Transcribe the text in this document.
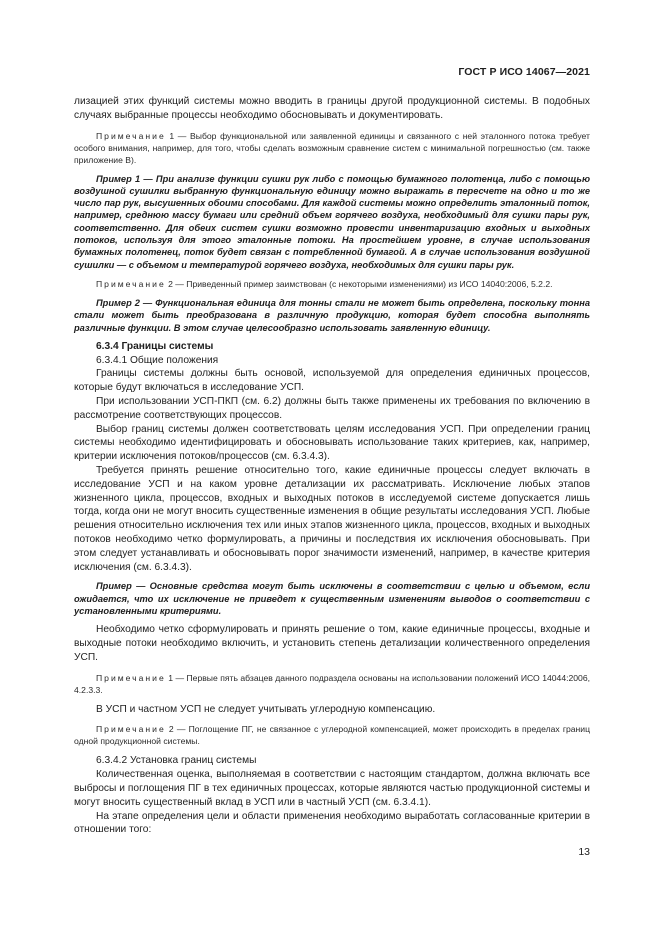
ГОСТ Р ИСО 14067—2021

лизацией этих функций системы можно вводить в границы другой продукционной системы. В подобных случаях выбранные процессы необходимо обосновывать и документировать.

Примечание 1 — Выбор функциональной или заявленной единицы и связанного с ней эталонного потока требует особого внимания, например, для того, чтобы сделать возможным сравнение систем с минимальной погрешностью (см. также приложение В).

Пример 1 — При анализе функции сушки рук либо с помощью бумажного полотенца, либо с помощью воздушной сушилки выбранную функциональную единицу можно выражать в пересчете на одно и то же число пар рук, высушенных обоими способами. Для каждой системы можно определить эталонный поток, например, среднюю массу бумаги или средний объем горячего воздуха, необходимый для сушки пары рук, соответственно. Для обеих систем сушки возможно провести инвентаризацию входных и выходных потоков, используя для этого эталонные потоки. На простейшем уровне, в случае использования бумажных полотенец, поток будет связан с потребленной бумагой. А в случае использования воздушной сушилки — с объемом и температурой горячего воздуха, необходимых для сушки пары рук.

Примечание 2 — Приведенный пример заимствован (с некоторыми изменениями) из ИСО 14040:2006, 5.2.2.

Пример 2 — Функциональная единица для тонны стали не может быть определена, поскольку тонна стали может быть преобразована в различную продукцию, которая будет способна выполнять различные функции. В этом случае целесообразно использовать заявленную единицу.

6.3.4 Границы системы

6.3.4.1 Общие положения

Границы системы должны быть основой, используемой для определения единичных процессов, которые будут включаться в исследование УСП.

При использовании УСП-ПКП (см. 6.2) должны быть также применены их требования по включению в рассмотрение соответствующих процессов.

Выбор границ системы должен соответствовать целям исследования УСП. При определении границ системы необходимо идентифицировать и обосновывать использование таких критериев, как, например, критерии исключения потоков/процессов (см. 6.3.4.3).

Требуется принять решение относительно того, какие единичные процессы следует включать в исследование УСП и на каком уровне детализации их рассматривать. Исключение любых этапов жизненного цикла, процессов, входных и выходных потоков в исследуемой системе допускается лишь тогда, когда они не могут вносить существенные изменения в общие результаты исследования УСП. Любые решения относительно исключения тех или иных этапов жизненного цикла, процессов, входных и выходных потоков необходимо четко формулировать, а причины и последствия их исключения обосновывать. При этом следует устанавливать и обосновывать порог значимости изменений, например, в качестве критерия исключения (см. 6.3.4.3).

Пример — Основные средства могут быть исключены в соответствии с целью и объемом, если ожидается, что их исключение не приведет к существенным изменениям выводов о соответствии с установленными критериями.

Необходимо четко сформулировать и принять решение о том, какие единичные процессы, входные и выходные потоки необходимо включить, и установить степень детализации количественного определения УСП.

Примечание 1 — Первые пять абзацев данного подраздела основаны на использовании положений ИСО 14044:2006, 4.2.3.3.

В УСП и частном УСП не следует учитывать углеродную компенсацию.

Примечание 2 — Поглощение ПГ, не связанное с углеродной компенсацией, может происходить в пределах границ одной продукционной системы.

6.3.4.2 Установка границ системы

Количественная оценка, выполняемая в соответствии с настоящим стандартом, должна включать все выбросы и поглощения ПГ в тех единичных процессах, которые являются частью продукционной системы и могут вносить существенный вклад в УСП или в частный УСП (см. 6.3.4.1).

На этапе определения цели и области применения необходимо выработать согласованные критерии в отношении того:

13
